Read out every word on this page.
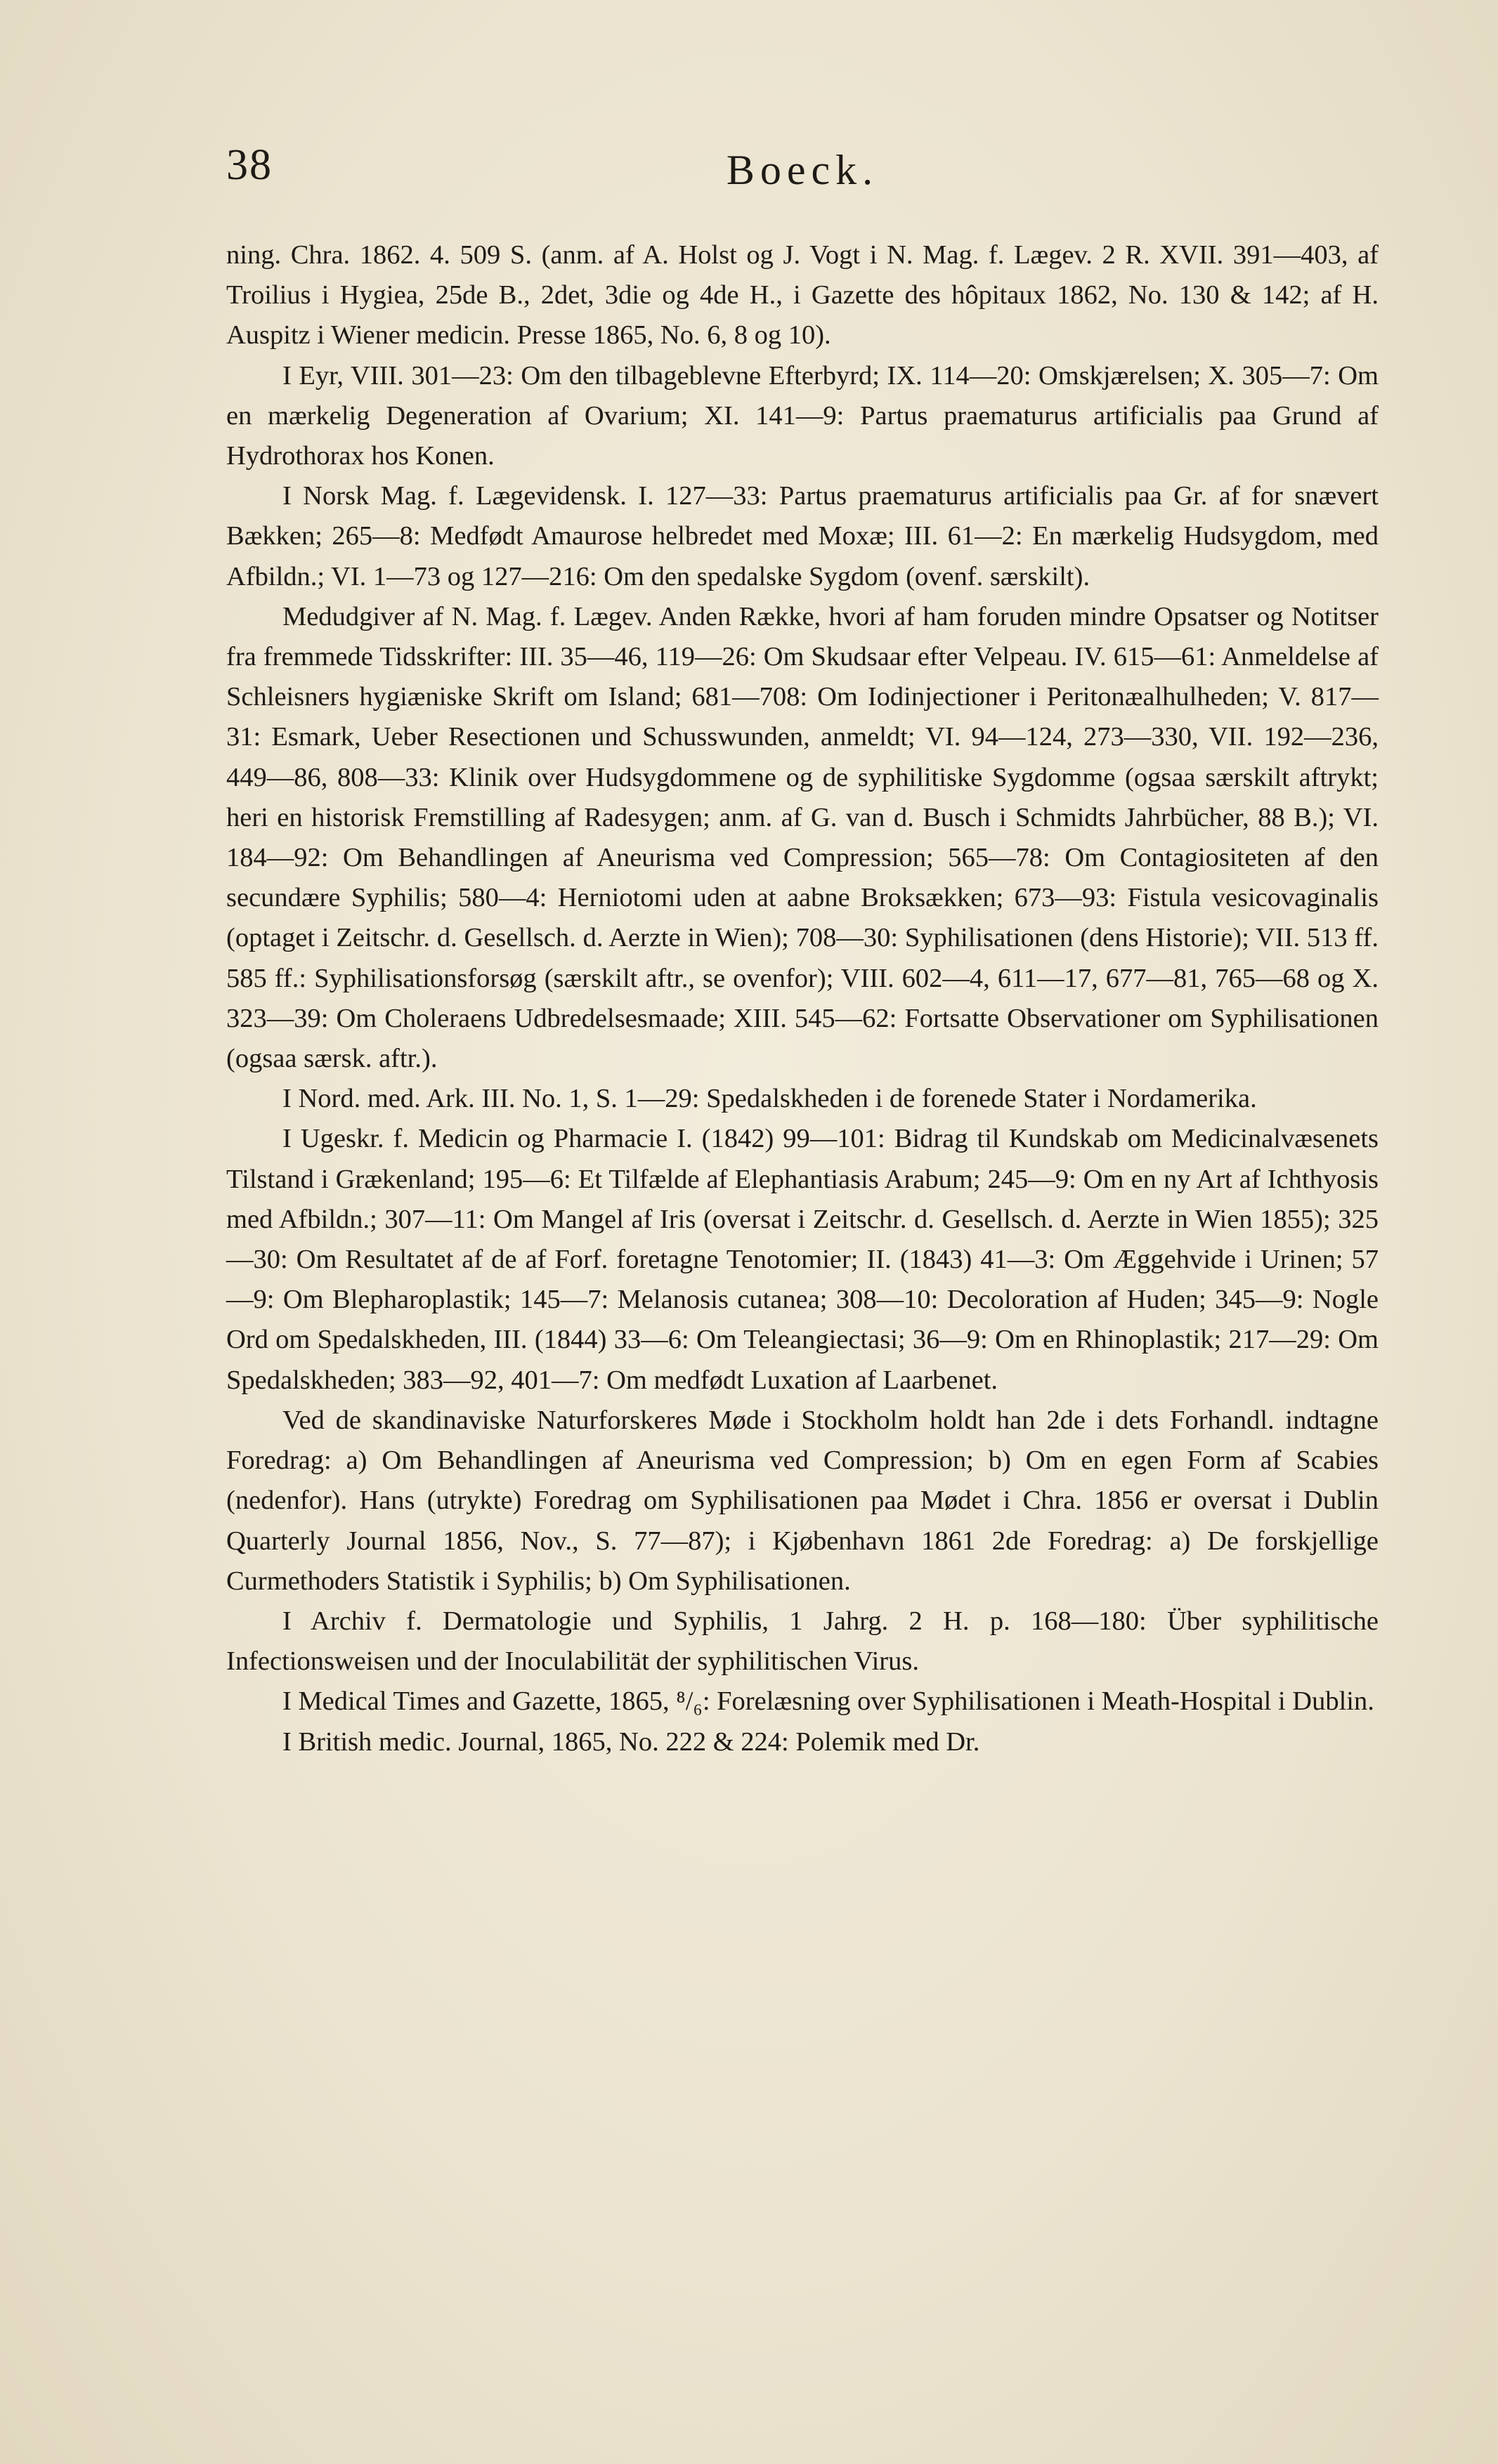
38	Boeck.

ning. Chra. 1862. 4. 509 S. (anm. af A. Holst og J. Vogt i N. Mag. f. Lægev. 2 R. XVII. 391—403, af Troilius i Hygiea, 25de B., 2det, 3die og 4de H., i Gazette des hôpitaux 1862, No. 130 & 142; af H. Auspitz i Wiener medicin. Presse 1865, No. 6, 8 og 10).

I Eyr, VIII. 301—23: Om den tilbageblevne Efterbyrd; IX. 114—20: Omskjærelsen; X. 305—7: Om en mærkelig Degeneration af Ovarium; XI. 141—9: Partus praematurus artificialis paa Grund af Hydrothorax hos Konen.

I Norsk Mag. f. Lægevidensk. I. 127—33: Partus praematurus artificialis paa Gr. af for snævert Bækken; 265—8: Medfødt Amaurose helbredet med Moxæ; III. 61—2: En mærkelig Hudsygdom, med Afbildn.; VI. 1—73 og 127—216: Om den spedalske Sygdom (ovenf. særskilt).

Medudgiver af N. Mag. f. Lægev. Anden Række, hvori af ham foruden mindre Opsatser og Notitser fra fremmede Tidsskrifter: III. 35—46, 119—26: Om Skudsaar efter Velpeau. IV. 615—61: Anmeldelse af Schleisners hygiæniske Skrift om Island; 681—708: Om Iodinjectioner i Peritonæalhulheden; V. 817—31: Esmark, Ueber Resectionen und Schusswunden, anmeldt; VI. 94—124, 273—330, VII. 192—236, 449—86, 808—33: Klinik over Hudsygdommene og de syphilitiske Sygdomme (ogsaa særskilt aftrykt; heri en historisk Fremstilling af Radesygen; anm. af G. van d. Busch i Schmidts Jahrbücher, 88 B.); VI. 184—92: Om Behandlingen af Aneurisma ved Compression; 565—78: Om Contagiositeten af den secundære Syphilis; 580—4: Herniotomi uden at aabne Broksækken; 673—93: Fistula vesicovaginalis (optaget i Zeitschr. d. Gesellsch. d. Aerzte in Wien); 708—30: Syphilisationen (dens Historie); VII. 513 ff. 585 ff.: Syphilisationsforsøg (særskilt aftr., se ovenfor); VIII. 602—4, 611—17, 677—81, 765—68 og X. 323—39: Om Choleraens Udbredelsesmaade; XIII. 545—62: Fortsatte Observationer om Syphilisationen (ogsaa særsk. aftr.).

I Nord. med. Ark. III. No. 1, S. 1—29: Spedalskheden i de forenede Stater i Nordamerika.

I Ugeskr. f. Medicin og Pharmacie I. (1842) 99—101: Bidrag til Kundskab om Medicinalvæsenets Tilstand i Grækenland; 195—6: Et Tilfælde af Elephantiasis Arabum; 245—9: Om en ny Art af Ichthyosis med Afbildn.; 307—11: Om Mangel af Iris (oversat i Zeitschr. d. Gesellsch. d. Aerzte in Wien 1855); 325—30: Om Resultatet af de af Forf. foretagne Tenotomier; II. (1843) 41—3: Om Æggehvide i Urinen; 57—9: Om Blepharoplastik; 145—7: Melanosis cutanea; 308—10: Decoloration af Huden; 345—9: Nogle Ord om Spedalskheden, III. (1844) 33—6: Om Teleangiectasi; 36—9: Om en Rhinoplastik; 217—29: Om Spedalskheden; 383—92, 401—7: Om medfødt Luxation af Laarbenet.

Ved de skandinaviske Naturforskeres Møde i Stockholm holdt han 2de i dets Forhandl. indtagne Foredrag: a) Om Behandlingen af Aneurisma ved Compression; b) Om en egen Form af Scabies (nedenfor). Hans (utrykte) Foredrag om Syphilisationen paa Mødet i Chra. 1856 er oversat i Dublin Quarterly Journal 1856, Nov., S. 77—87); i Kjøbenhavn 1861 2de Foredrag: a) De forskjellige Curmethoders Statistik i Syphilis; b) Om Syphilisationen.

I Archiv f. Dermatologie und Syphilis, 1 Jahrg. 2 H. p. 168—180: Über syphilitische Infectionsweisen und der Inoculabilität der syphilitischen Virus.

I Medical Times and Gazette, 1865, ⁸/₆: Forelæsning over Syphilisationen i Meath-Hospital i Dublin.

I British medic. Journal, 1865, No. 222 & 224: Polemik med Dr.
